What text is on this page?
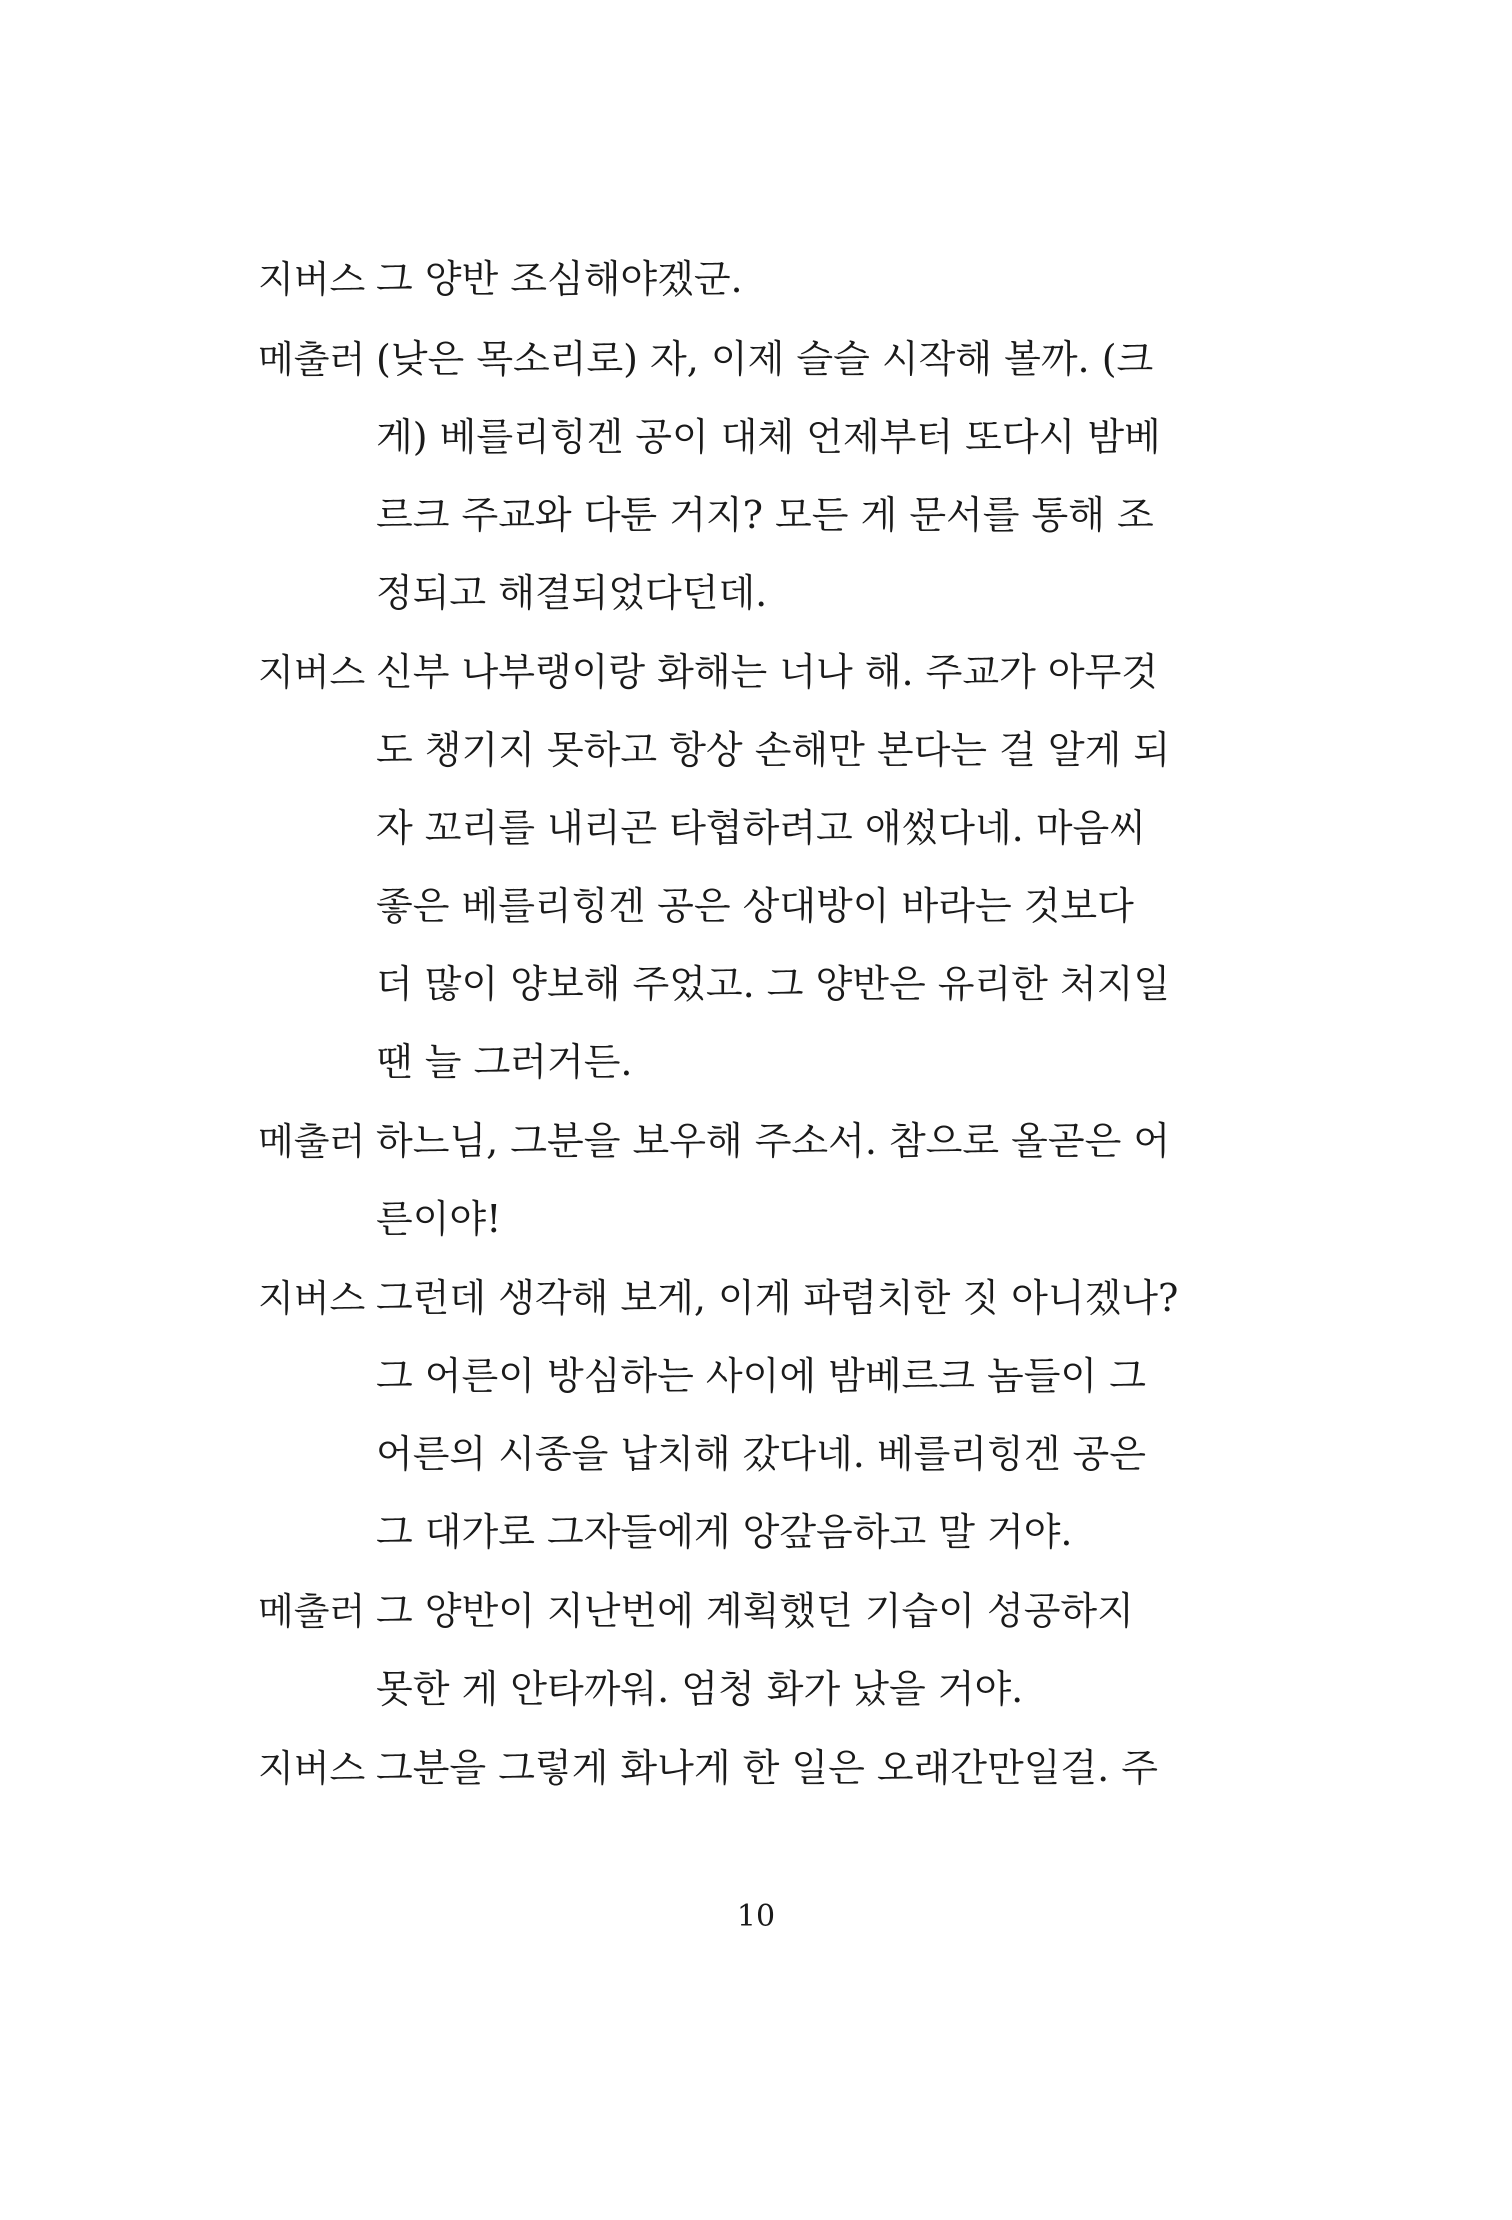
지버스 그 양반 조심해야겠군.
메출러 (낮은 목소리로) 자, 이제 슬슬 시작해 볼까. (크
게) 베를리힝겐 공이 대체 언제부터 또다시 밤베
르크 주교와 다툰 거지? 모든 게 문서를 통해 조
정되고 해결되었다던데.
지버스 신부 나부랭이랑 화해는 너나 해. 주교가 아무것
도 챙기지 못하고 항상 손해만 본다는 걸 알게 되
자 꼬리를 내리곤 타협하려고 애썼다네. 마음씨
좋은 베를리힝겐 공은 상대방이 바라는 것보다
더 많이 양보해 주었고. 그 양반은 유리한 처지일
땐 늘 그러거든.
메출러 하느님, 그분을 보우해 주소서. 참으로 올곧은 어
른이야!
지버스 그런데 생각해 보게, 이게 파렴치한 짓 아니겠나?
그 어른이 방심하는 사이에 밤베르크 놈들이 그
어른의 시종을 납치해 갔다네. 베를리힝겐 공은
그 대가로 그자들에게 앙갚음하고 말 거야.
메출러 그 양반이 지난번에 계획했던 기습이 성공하지
못한 게 안타까워. 엄청 화가 났을 거야.
지버스 그분을 그렇게 화나게 한 일은 오래간만일걸. 주
10
